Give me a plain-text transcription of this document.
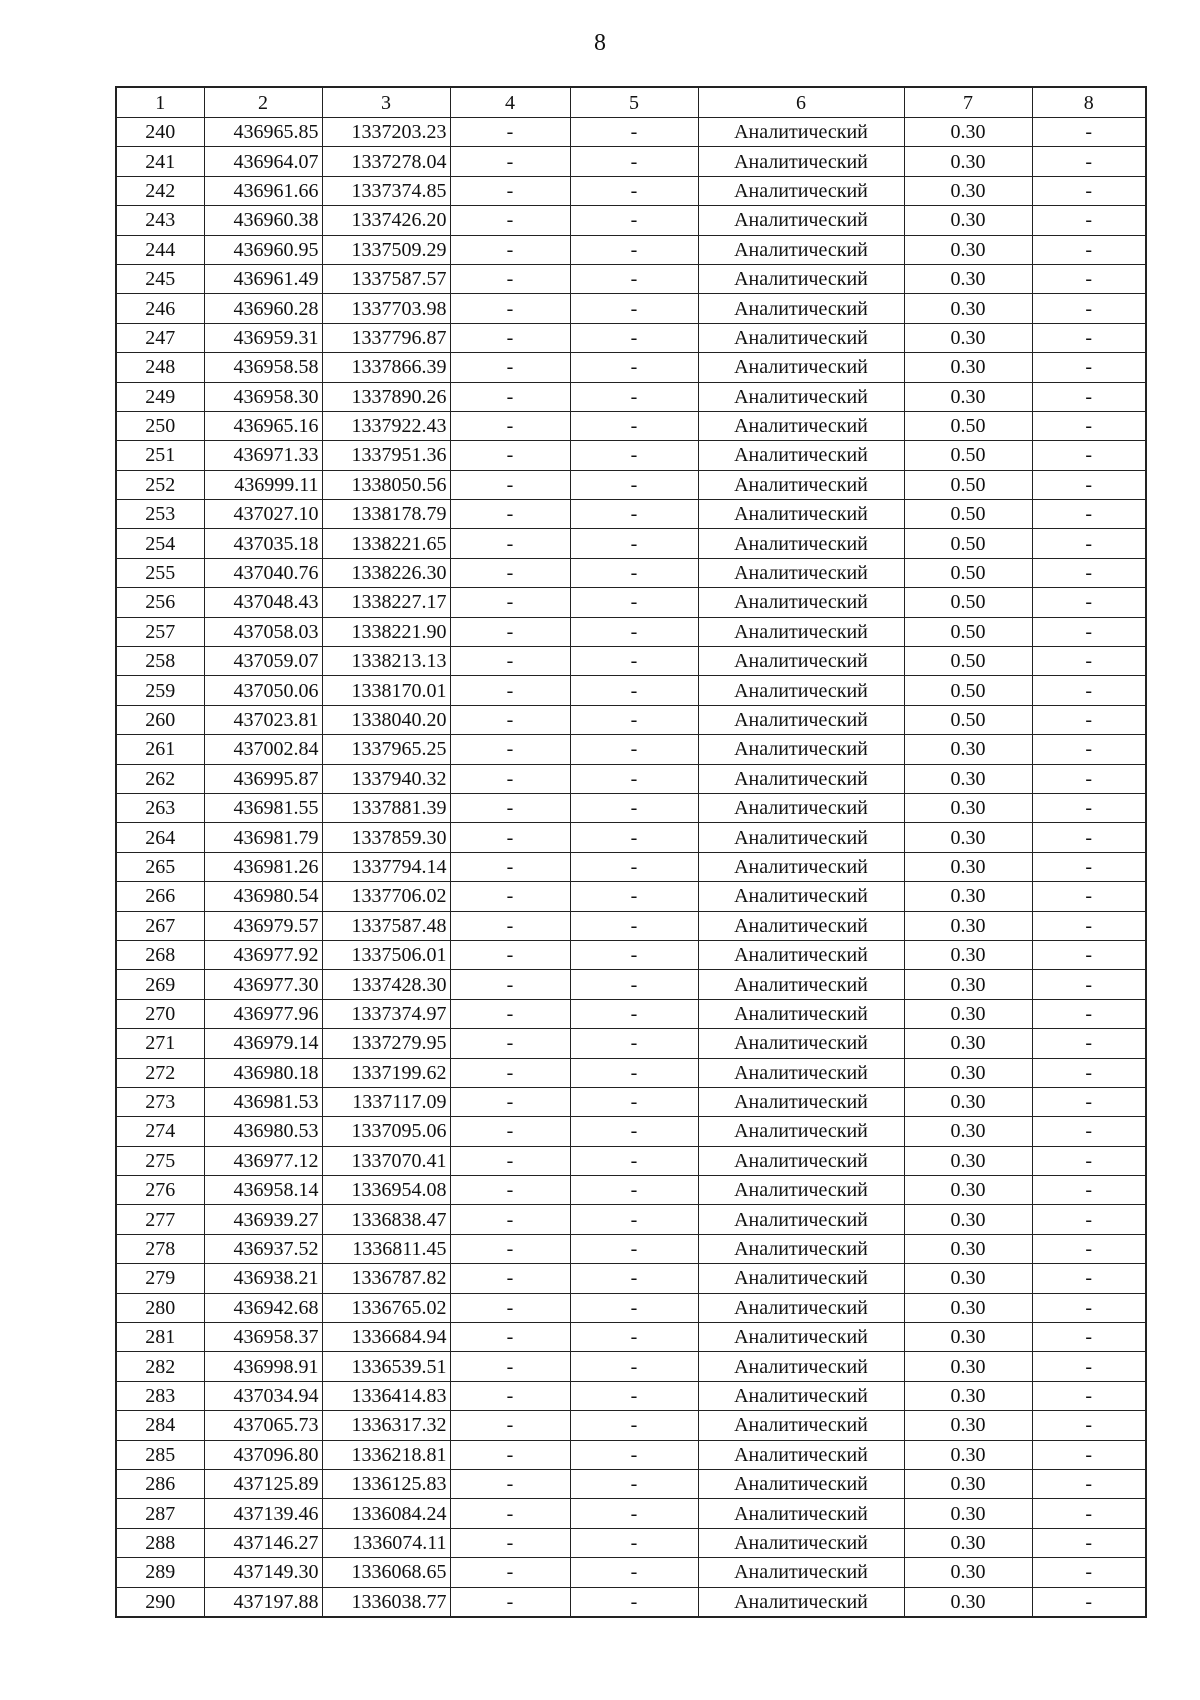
8
1	2	3	4	5	6	7	8
240	436965.85	1337203.23	-	-	Аналитический	0.30	-
241	436964.07	1337278.04	-	-	Аналитический	0.30	-
242	436961.66	1337374.85	-	-	Аналитический	0.30	-
243	436960.38	1337426.20	-	-	Аналитический	0.30	-
244	436960.95	1337509.29	-	-	Аналитический	0.30	-
245	436961.49	1337587.57	-	-	Аналитический	0.30	-
246	436960.28	1337703.98	-	-	Аналитический	0.30	-
247	436959.31	1337796.87	-	-	Аналитический	0.30	-
248	436958.58	1337866.39	-	-	Аналитический	0.30	-
249	436958.30	1337890.26	-	-	Аналитический	0.30	-
250	436965.16	1337922.43	-	-	Аналитический	0.50	-
251	436971.33	1337951.36	-	-	Аналитический	0.50	-
252	436999.11	1338050.56	-	-	Аналитический	0.50	-
253	437027.10	1338178.79	-	-	Аналитический	0.50	-
254	437035.18	1338221.65	-	-	Аналитический	0.50	-
255	437040.76	1338226.30	-	-	Аналитический	0.50	-
256	437048.43	1338227.17	-	-	Аналитический	0.50	-
257	437058.03	1338221.90	-	-	Аналитический	0.50	-
258	437059.07	1338213.13	-	-	Аналитический	0.50	-
259	437050.06	1338170.01	-	-	Аналитический	0.50	-
260	437023.81	1338040.20	-	-	Аналитический	0.50	-
261	437002.84	1337965.25	-	-	Аналитический	0.30	-
262	436995.87	1337940.32	-	-	Аналитический	0.30	-
263	436981.55	1337881.39	-	-	Аналитический	0.30	-
264	436981.79	1337859.30	-	-	Аналитический	0.30	-
265	436981.26	1337794.14	-	-	Аналитический	0.30	-
266	436980.54	1337706.02	-	-	Аналитический	0.30	-
267	436979.57	1337587.48	-	-	Аналитический	0.30	-
268	436977.92	1337506.01	-	-	Аналитический	0.30	-
269	436977.30	1337428.30	-	-	Аналитический	0.30	-
270	436977.96	1337374.97	-	-	Аналитический	0.30	-
271	436979.14	1337279.95	-	-	Аналитический	0.30	-
272	436980.18	1337199.62	-	-	Аналитический	0.30	-
273	436981.53	1337117.09	-	-	Аналитический	0.30	-
274	436980.53	1337095.06	-	-	Аналитический	0.30	-
275	436977.12	1337070.41	-	-	Аналитический	0.30	-
276	436958.14	1336954.08	-	-	Аналитический	0.30	-
277	436939.27	1336838.47	-	-	Аналитический	0.30	-
278	436937.52	1336811.45	-	-	Аналитический	0.30	-
279	436938.21	1336787.82	-	-	Аналитический	0.30	-
280	436942.68	1336765.02	-	-	Аналитический	0.30	-
281	436958.37	1336684.94	-	-	Аналитический	0.30	-
282	436998.91	1336539.51	-	-	Аналитический	0.30	-
283	437034.94	1336414.83	-	-	Аналитический	0.30	-
284	437065.73	1336317.32	-	-	Аналитический	0.30	-
285	437096.80	1336218.81	-	-	Аналитический	0.30	-
286	437125.89	1336125.83	-	-	Аналитический	0.30	-
287	437139.46	1336084.24	-	-	Аналитический	0.30	-
288	437146.27	1336074.11	-	-	Аналитический	0.30	-
289	437149.30	1336068.65	-	-	Аналитический	0.30	-
290	437197.88	1336038.77	-	-	Аналитический	0.30	-
